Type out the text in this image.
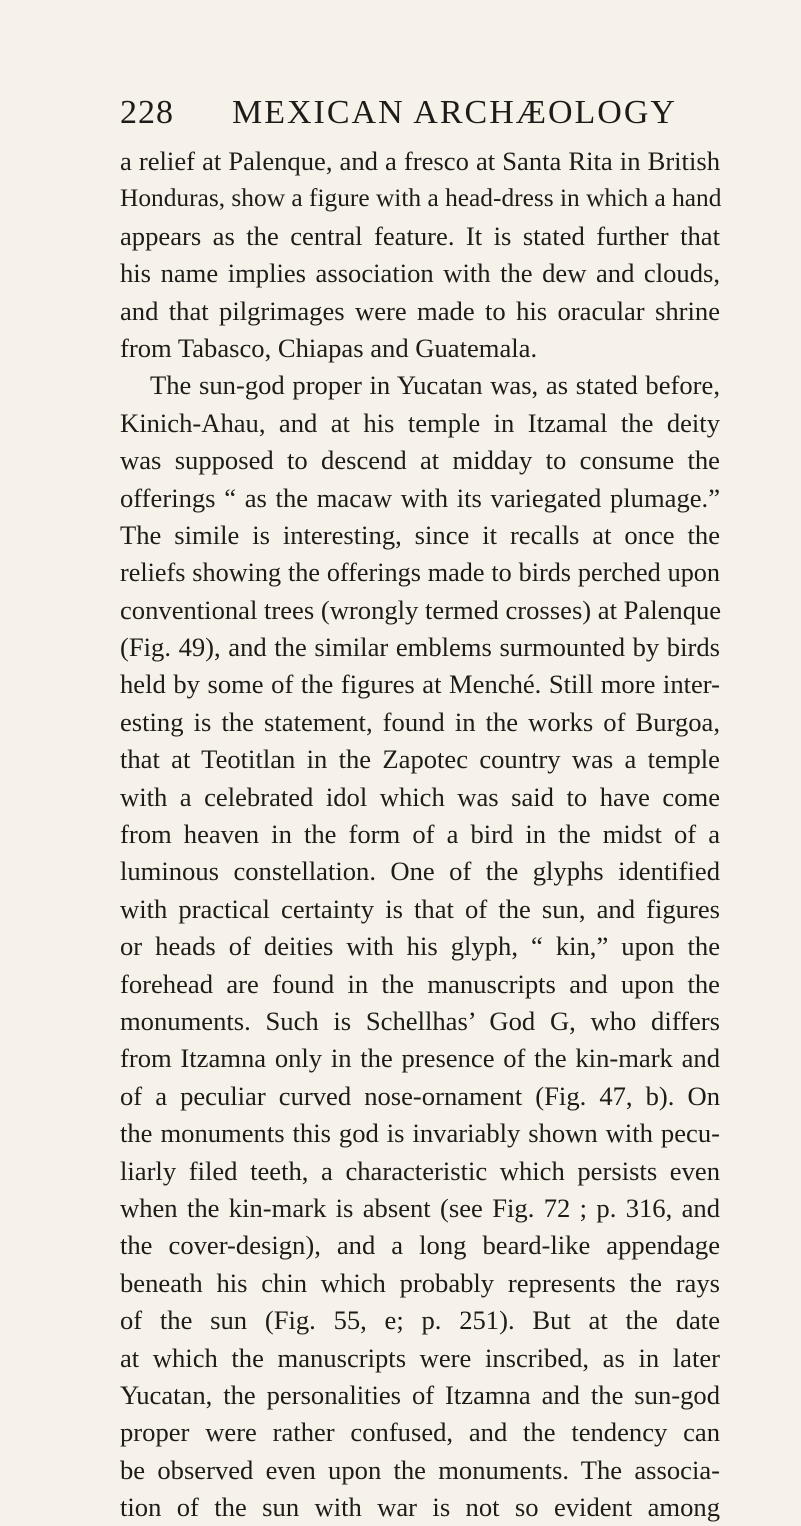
228 MEXICAN ARCHÆOLOGY
a relief at Palenque, and a fresco at Santa Rita in British
Honduras, show a figure with a head-dress in which a hand
appears as the central feature. It is stated further that
his name implies association with the dew and clouds,
and that pilgrimages were made to his oracular shrine
from Tabasco, Chiapas and Guatemala.
The sun-god proper in Yucatan was, as stated before,
Kinich-Ahau, and at his temple in Itzamal the deity
was supposed to descend at midday to consume the
offerings “ as the macaw with its variegated plumage.”
The simile is interesting, since it recalls at once the
reliefs showing the offerings made to birds perched upon
conventional trees (wrongly termed crosses) at Palenque
(Fig. 49), and the similar emblems surmounted by birds
held by some of the figures at Menché. Still more inter-
esting is the statement, found in the works of Burgoa,
that at Teotitlan in the Zapotec country was a temple
with a celebrated idol which was said to have come
from heaven in the form of a bird in the midst of a
luminous constellation. One of the glyphs identified
with practical certainty is that of the sun, and figures
or heads of deities with his glyph, “ kin,” upon the
forehead are found in the manuscripts and upon the
monuments. Such is Schellhas’ God G, who differs
from Itzamna only in the presence of the kin-mark and
of a peculiar curved nose-ornament (Fig. 47, b). On
the monuments this god is invariably shown with pecu-
liarly filed teeth, a characteristic which persists even
when the kin-mark is absent (see Fig. 72 ; p. 316, and
the cover-design), and a long beard-like appendage
beneath his chin which probably represents the rays
of the sun (Fig. 55, e; p. 251). But at the date
at which the manuscripts were inscribed, as in later
Yucatan, the personalities of Itzamna and the sun-god
proper were rather confused, and the tendency can
be observed even upon the monuments. The associa-
tion of the sun with war is not so evident among
